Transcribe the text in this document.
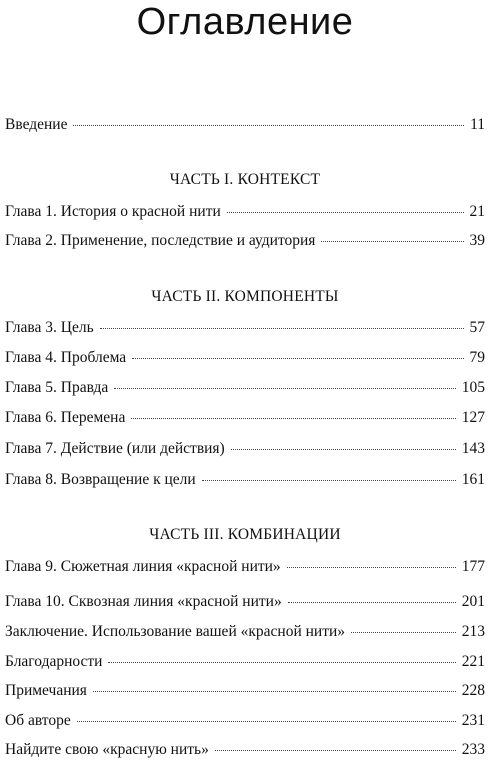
Оглавление
Введение	11
ЧАСТЬ I. КОНТЕКСТ
Глава 1. История о красной нити	21
Глава 2. Применение, последствие и аудитория	39
ЧАСТЬ II. КОМПОНЕНТЫ
Глава 3. Цель	57
Глава 4. Проблема	79
Глава 5. Правда	105
Глава 6. Перемена	127
Глава 7. Действие (или действия)	143
Глава 8. Возвращение к цели	161
ЧАСТЬ III. КОМБИНАЦИИ
Глава 9. Сюжетная линия «красной нити»	177
Глава 10. Сквозная линия «красной нити»	201
Заключение. Использование вашей «красной нити»	213
Благодарности	221
Примечания	228
Об авторе	231
Найдите свою «красную нить»	233
